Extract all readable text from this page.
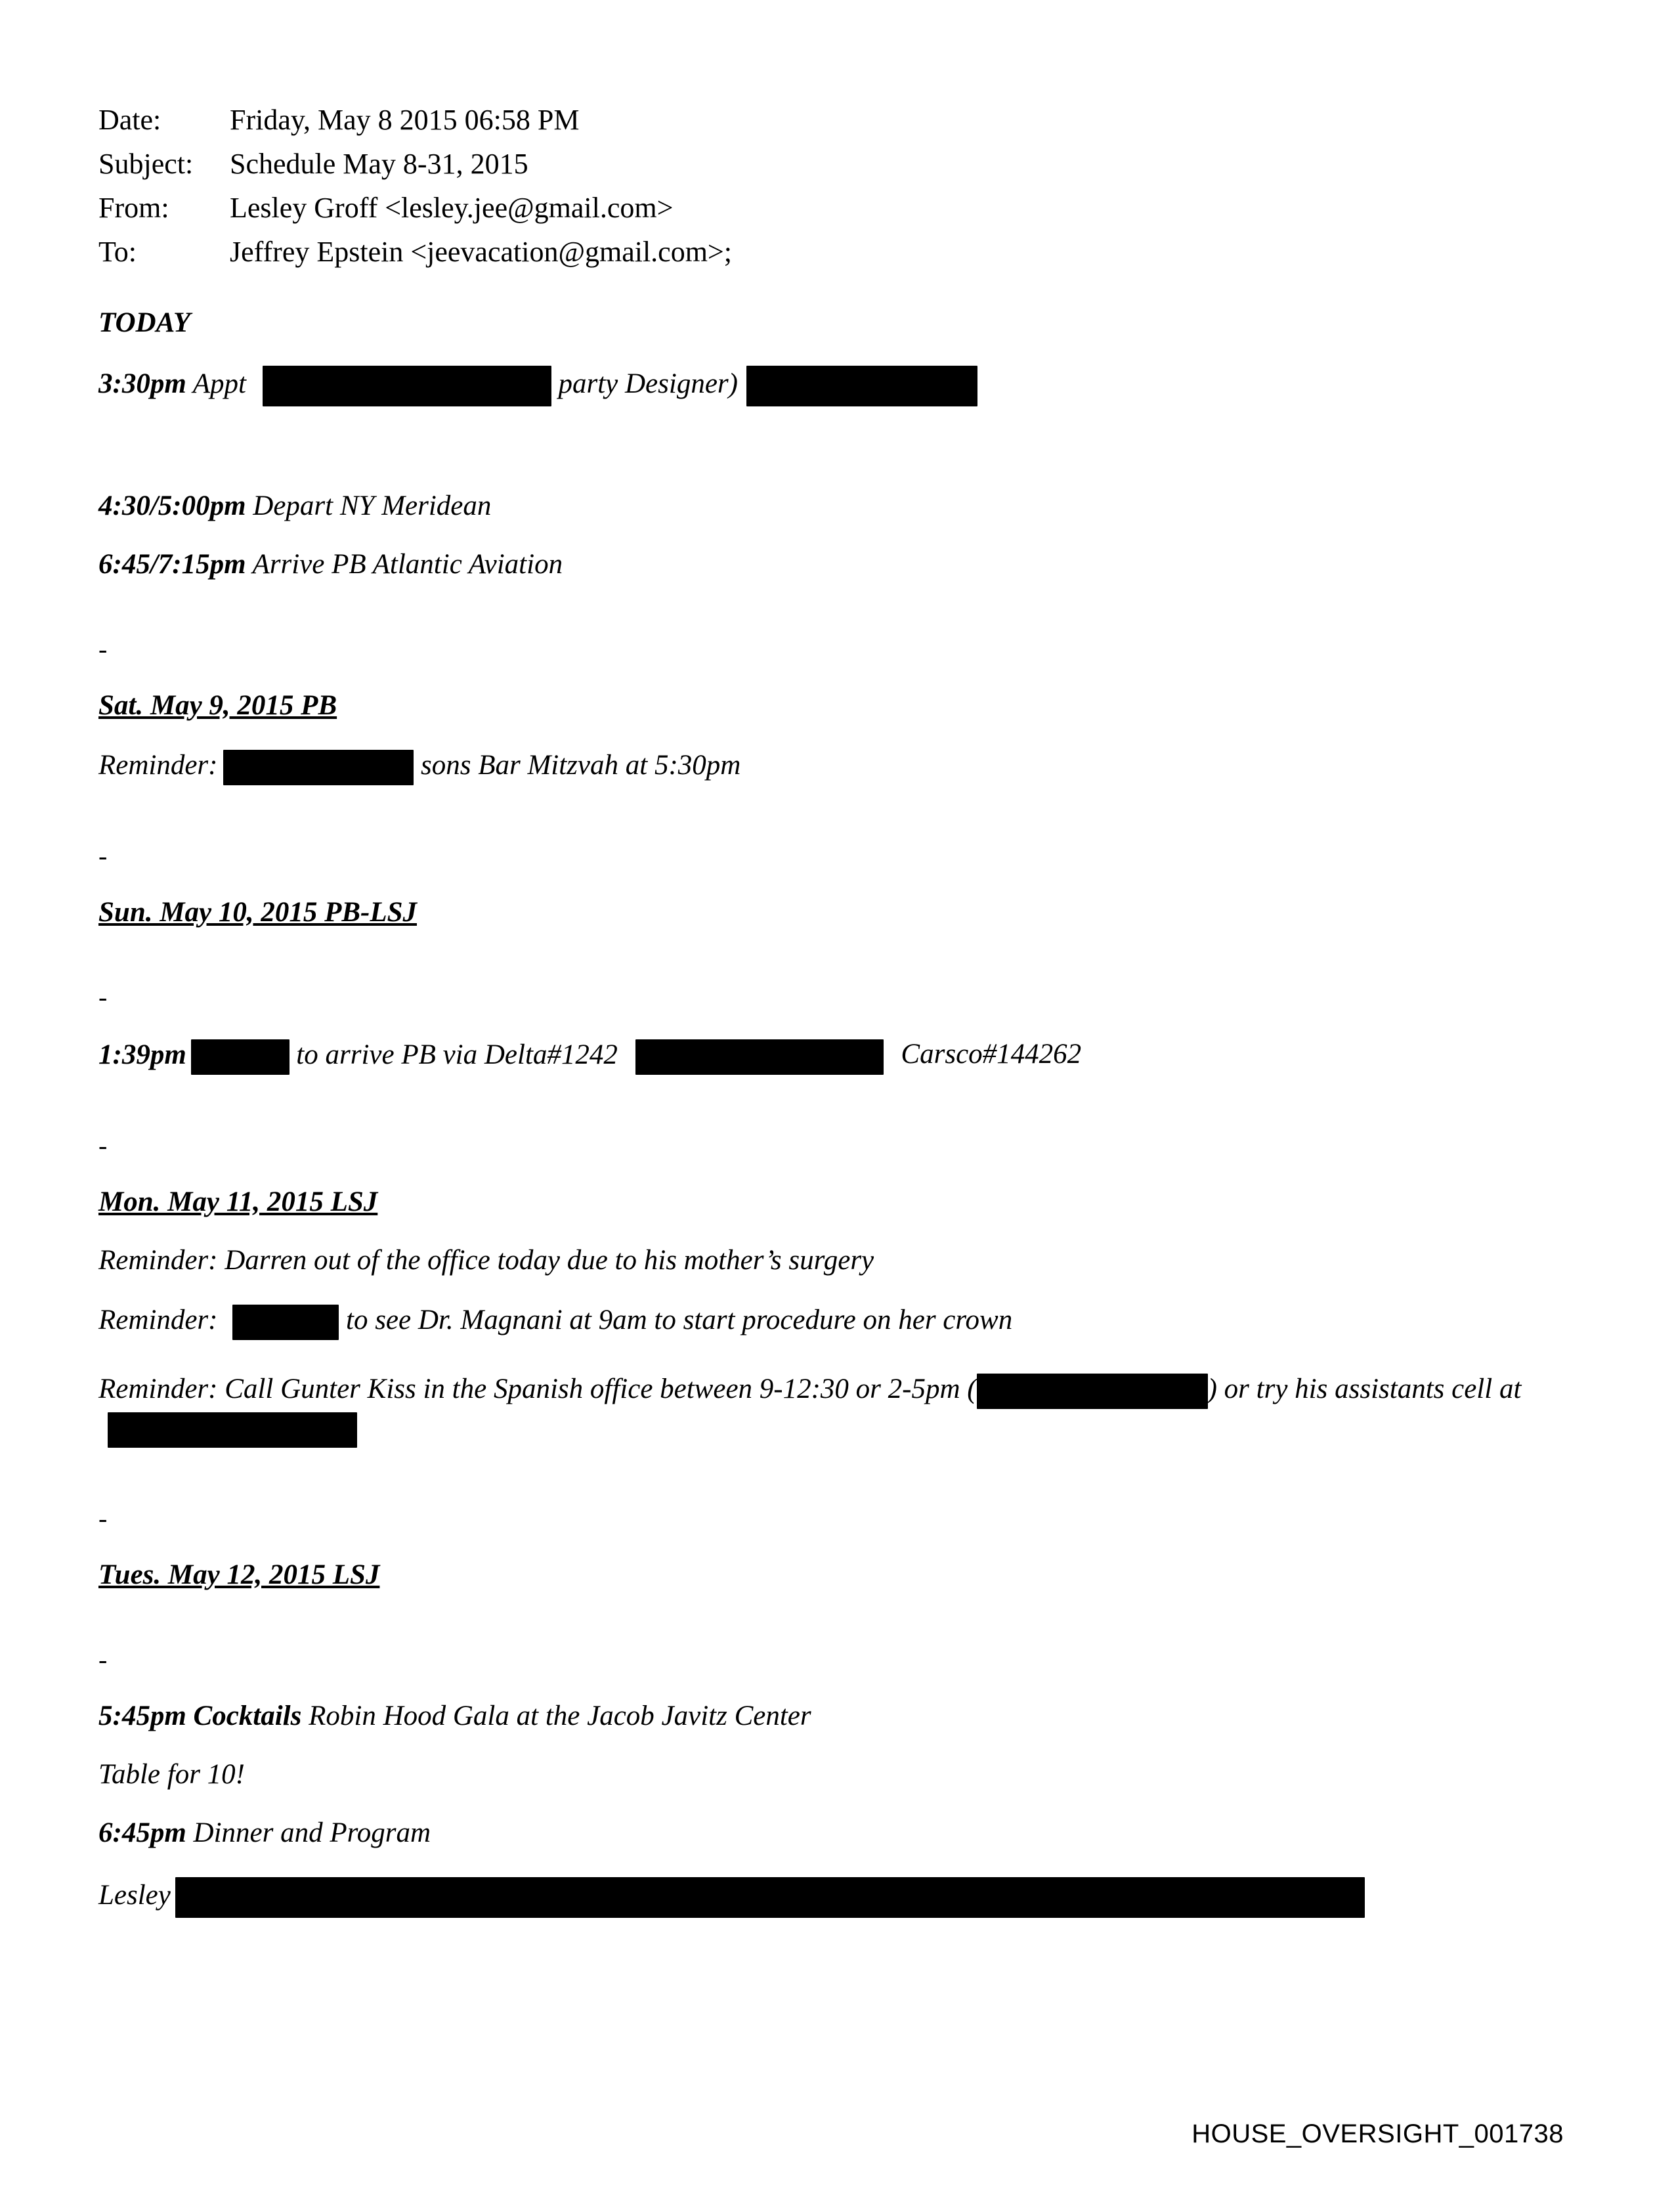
Date:	Friday, May 8 2015 06:58 PM
Subject:	Schedule May 8-31, 2015
From:	Lesley Groff <lesley.jee@gmail.com>
To:	Jeffrey Epstein <jeevacation@gmail.com>;
TODAY
3:30pm Appt	party Designer)
4:30/5:00pm Depart NY Meridean
6:45/7:15pm Arrive PB Atlantic Aviation
-
Sat. May 9, 2015 PB
Reminder:	sons Bar Mitzvah at 5:30pm
-
Sun. May 10, 2015 PB-LSJ
-
1:39pm	to arrive PB via Delta#1242	Carsco#144262
-
Mon. May 11, 2015 LSJ
Reminder: Darren out of the office today due to his mother’s surgery
Reminder:	to see Dr. Magnani at 9am to start procedure on her crown
Reminder: Call Gunter Kiss in the Spanish office between 9-12:30 or 2-5pm (	) or try his assistants cell at
-
Tues. May 12, 2015 LSJ
-
5:45pm Cocktails Robin Hood Gala at the Jacob Javitz Center
Table for 10!
6:45pm Dinner and Program
Lesley
HOUSE_OVERSIGHT_001738
